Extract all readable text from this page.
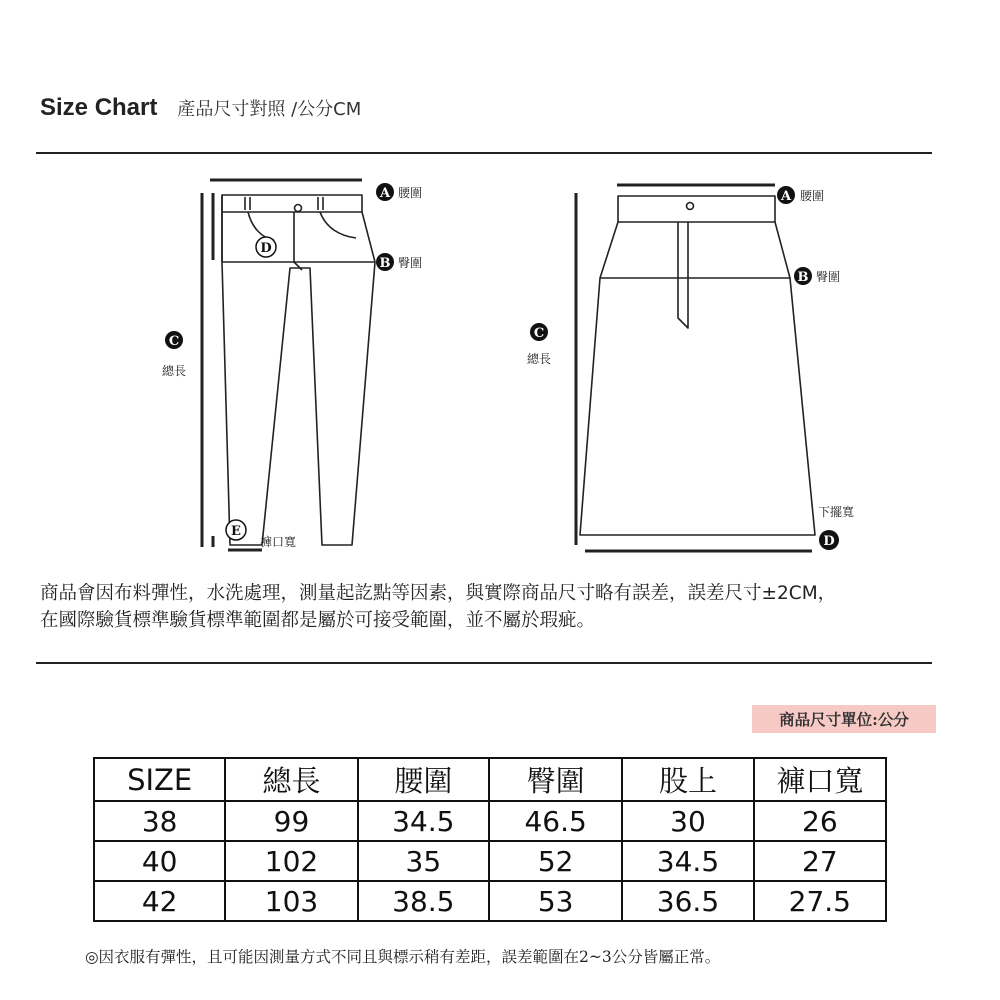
Size Chart 產品尺寸對照 /公分CM
A 腰圍
B 臀圍
C
總長
D
E
褲口寬
A 腰圍
B 臀圍
C
總長
下擺寬
D
商品會因布料彈性，水洗處理，測量起訖點等因素，與實際商品尺寸略有誤差，誤差尺寸±2CM，
在國際驗貨標準驗貨標準範圍都是屬於可接受範圍，並不屬於瑕疵。
商品尺寸單位:公分
SIZE	總長	腰圍	臀圍	股上	褲口寬
38	99	34.5	46.5	30	26
40	102	35	52	34.5	27
42	103	38.5	53	36.5	27.5
◎因衣服有彈性，且可能因測量方式不同且與標示稍有差距，誤差範圍在2~3公分皆屬正常。
